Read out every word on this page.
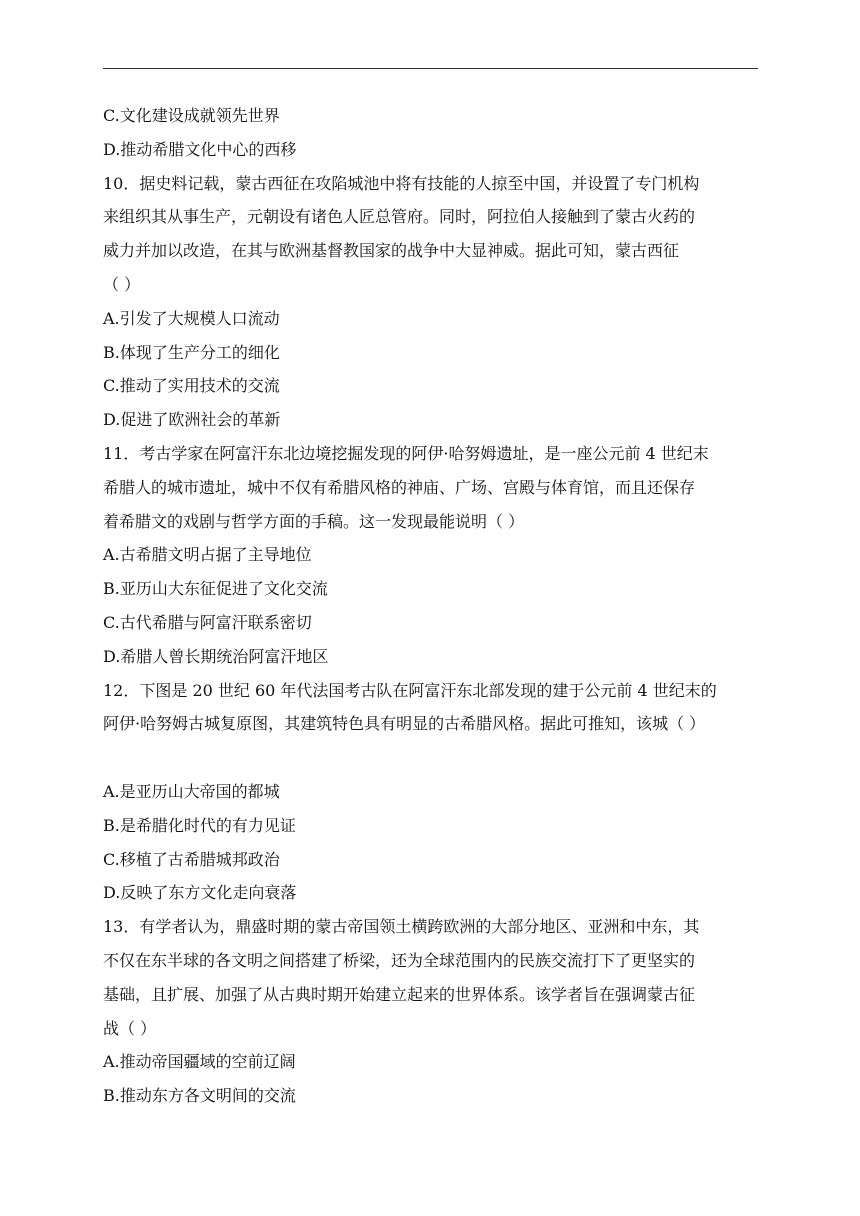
C.文化建设成就领先世界
D.推动希腊文化中心的西移
10．据史料记载，蒙古西征在攻陷城池中将有技能的人掠至中国，并设置了专门机构
来组织其从事生产，元朝设有诸色人匠总管府。同时，阿拉伯人接触到了蒙古火药的
威力并加以改造，在其与欧洲基督教国家的战争中大显神威。据此可知，蒙古西征
（ ）
A.引发了大规模人口流动
B.体现了生产分工的细化
C.推动了实用技术的交流
D.促进了欧洲社会的革新
11．考古学家在阿富汗东北边境挖掘发现的阿伊·哈努姆遗址，是一座公元前 4 世纪末
希腊人的城市遗址，城中不仅有希腊风格的神庙、广场、宫殿与体育馆，而且还保存
着希腊文的戏剧与哲学方面的手稿。这一发现最能说明（ ）
A.古希腊文明占据了主导地位
B.亚历山大东征促进了文化交流
C.古代希腊与阿富汗联系密切
D.希腊人曾长期统治阿富汗地区
12．下图是 20 世纪 60 年代法国考古队在阿富汗东北部发现的建于公元前 4 世纪末的
阿伊·哈努姆古城复原图，其建筑特色具有明显的古希腊风格。据此可推知，该城（ ）
A.是亚历山大帝国的都城
B.是希腊化时代的有力见证
C.移植了古希腊城邦政治
D.反映了东方文化走向衰落
13．有学者认为，鼎盛时期的蒙古帝国领土横跨欧洲的大部分地区、亚洲和中东，其
不仅在东半球的各文明之间搭建了桥梁，还为全球范围内的民族交流打下了更坚实的
基础，且扩展、加强了从古典时期开始建立起来的世界体系。该学者旨在强调蒙古征
战（ ）
A.推动帝国疆域的空前辽阔
B.推动东方各文明间的交流
